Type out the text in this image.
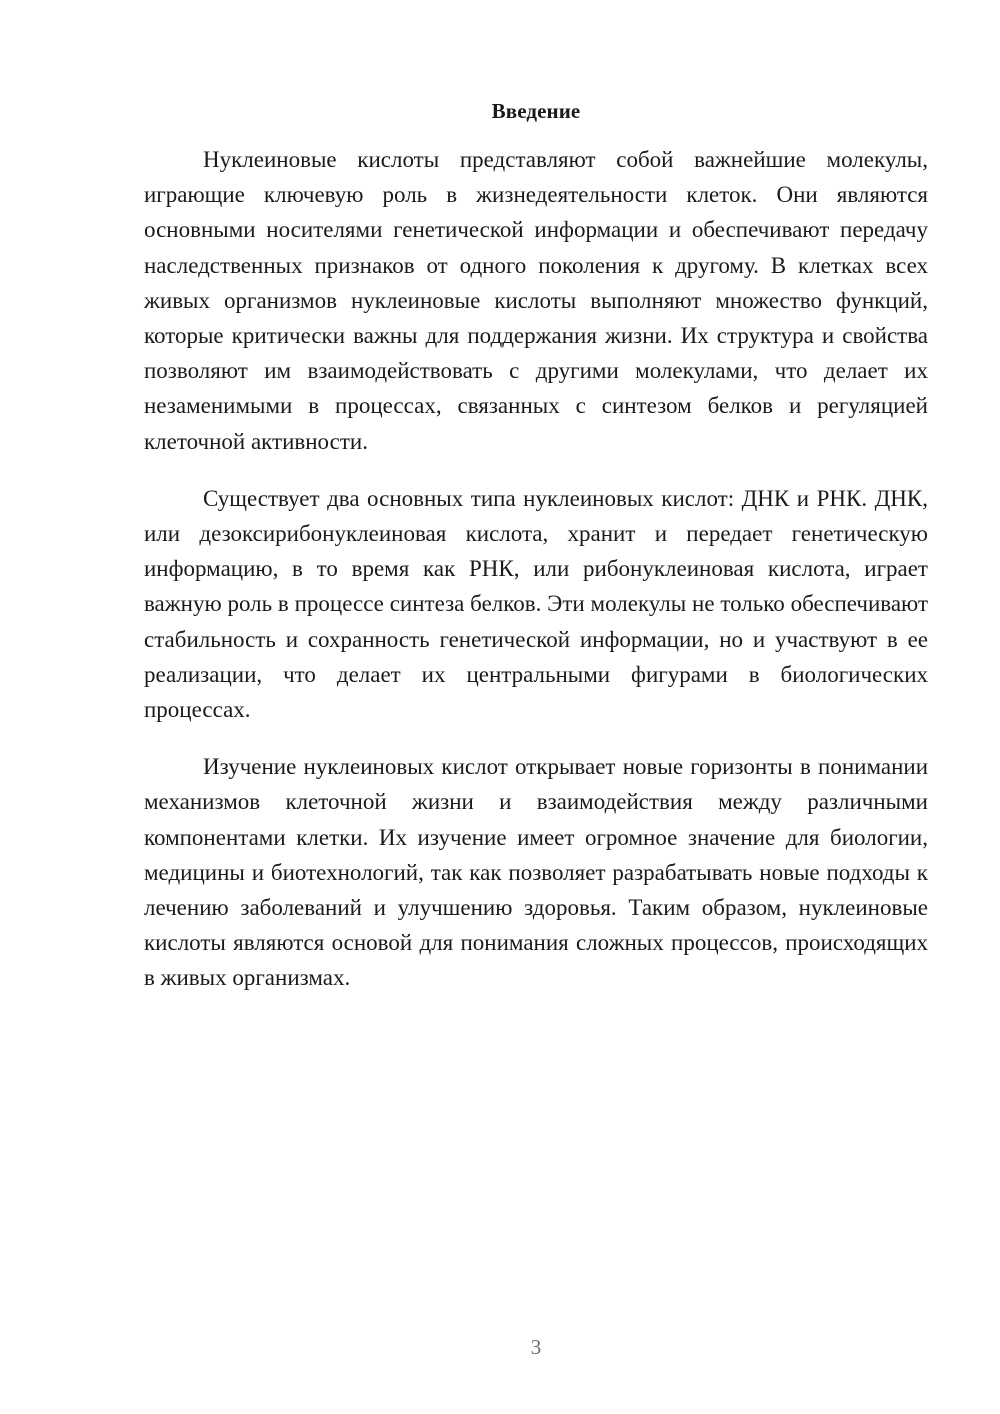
Введение

Нуклеиновые кислоты представляют собой важнейшие молекулы, играющие ключевую роль в жизнедеятельности клеток. Они являются основными носителями генетической информации и обеспечивают передачу наследственных признаков от одного поколения к другому. В клетках всех живых организмов нуклеиновые кислоты выполняют множество функций, которые критически важны для поддержания жизни. Их структура и свойства позволяют им взаимодействовать с другими молекулами, что делает их незаменимыми в процессах, связанных с синтезом белков и регуляцией клеточной активности.

Существует два основных типа нуклеиновых кислот: ДНК и РНК. ДНК, или дезоксирибонуклеиновая кислота, хранит и передает генетическую информацию, в то время как РНК, или рибонуклеиновая кислота, играет важную роль в процессе синтеза белков. Эти молекулы не только обеспечивают стабильность и сохранность генетической информации, но и участвуют в ее реализации, что делает их центральными фигурами в биологических процессах.

Изучение нуклеиновых кислот открывает новые горизонты в понимании механизмов клеточной жизни и взаимодействия между различными компонентами клетки. Их изучение имеет огромное значение для биологии, медицины и биотехнологий, так как позволяет разрабатывать новые подходы к лечению заболеваний и улучшению здоровья. Таким образом, нуклеиновые кислоты являются основой для понимания сложных процессов, происходящих в живых организмах.

3
